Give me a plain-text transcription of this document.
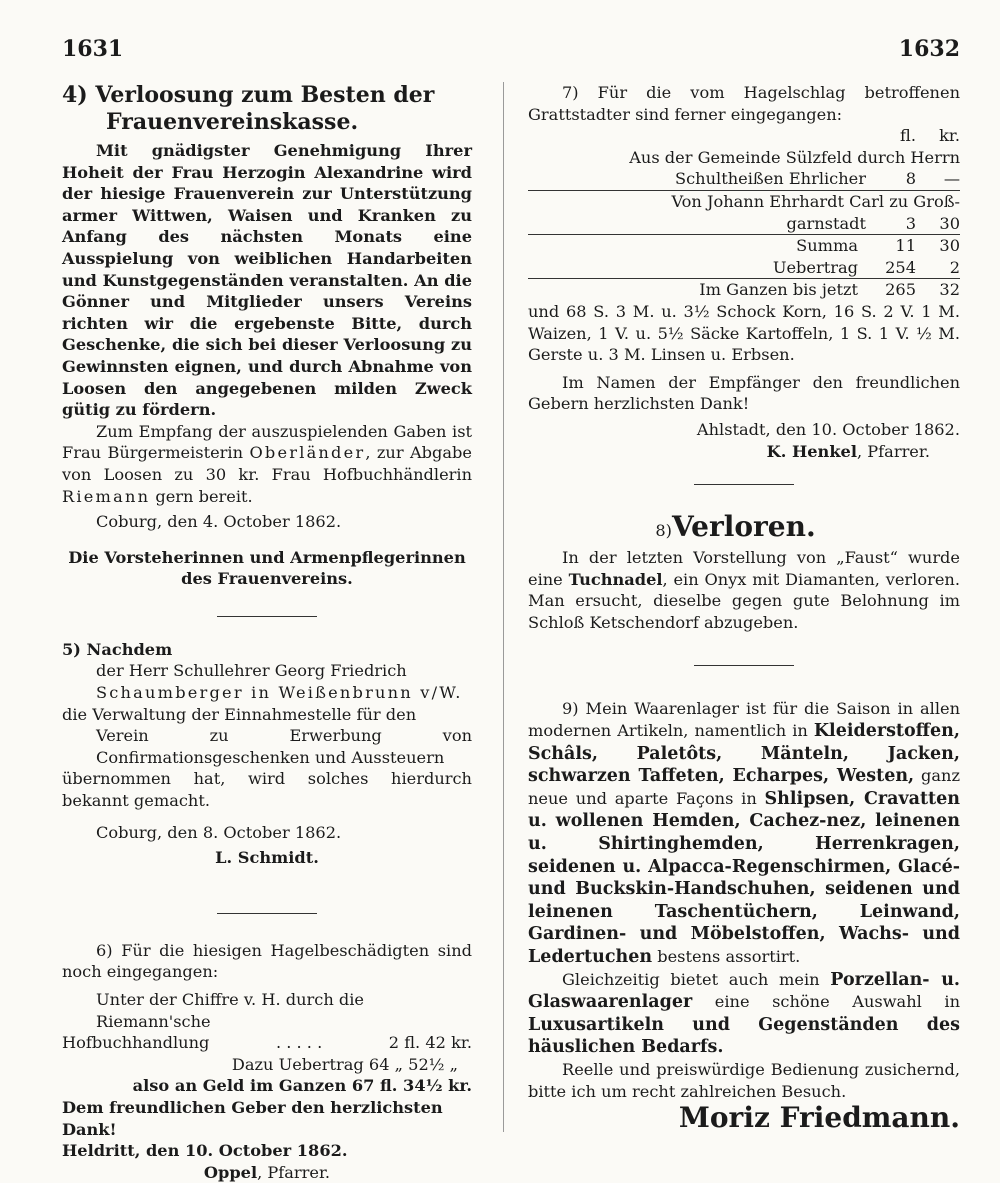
1631	1632
4) Verloosung zum Besten der
Frauenvereinskasse.

Mit gnädigster Genehmigung Ihrer Hoheit der Frau Herzogin Alexandrine wird der hiesige Frauenverein zur Unterstützung armer Wittwen, Waisen und Kranken zu Anfang des nächsten Monats eine Ausspielung von weiblichen Handarbeiten und Kunstgegenständen veranstalten. An die Gönner und Mitglieder unsers Vereins richten wir die ergebenste Bitte, durch Geschenke, die sich bei dieser Verloosung zu Gewinnsten eignen, und durch Abnahme von Loosen den angegebenen milden Zweck gütig zu fördern.

Zum Empfang der auszuspielenden Gaben ist Frau Bürgermeisterin Oberländer, zur Abgabe von Loosen zu 30 kr. Frau Hofbuchhändlerin Riemann gern bereit.

Coburg, den 4. October 1862.
Die Vorsteherinnen und Armenpflegerinnen
des Frauenvereins.
5) Nachdem
der Herr Schullehrer Georg Friedrich
Schaumberger in Weißenbrunn v/W.
die Verwaltung der Einnahmestelle für den

Verein zu Erwerbung von Confirmationsgeschenken und Aussteuern

übernommen hat, wird solches hierdurch bekannt gemacht.

Coburg, den 8. October 1862.
L. Schmidt.

6) Für die hiesigen Hagelbeschädigten sind noch eingegangen:

Unter der Chiffre v. H. durch die Riemann'sche
Hofbuchhandlung	. . . . .	2 fl. 42 kr.
Dazu Uebertrag 64 „ 52½ „
also an Geld im Ganzen 67 fl. 34½ kr.
Dem freundlichen Geber den herzlichsten Dank!
Heldritt, den 10. October 1862.
Oppel, Pfarrer.

7) Für die vom Hagelschlag betroffenen Grattstadter sind ferner eingegangen:

	fl.	kr.
Aus der Gemeinde Sülzfeld durch Herrn		
Schultheißen Ehrlicher	8	—
Von Johann Ehrhardt Carl zu Groß-		
garnstadt	3	30
Summa	11	30
Uebertrag	254	2
Im Ganzen bis jetzt	265	32

und 68 S. 3 M. u. 3½ Schock Korn, 16 S. 2 V. 1 M. Waizen, 1 V. u. 5½ Säcke Kartoffeln, 1 S. 1 V. ½ M. Gerste u. 3 M. Linsen u. Erbsen.

Im Namen der Empfänger den freundlichen Gebern herzlichsten Dank!

Ahlstadt, den 10. October 1862.
K. Henkel, Pfarrer.
8) Verloren.

In der letzten Vorstellung von „Faust“ wurde eine Tuchnadel, ein Onyx mit Diamanten, verloren. Man ersucht, dieselbe gegen gute Belohnung im Schloß Ketschendorf abzugeben.

9) Mein Waarenlager ist für die Saison in allen modernen Artikeln, namentlich in Kleiderstoffen, Schâls, Paletôts, Mänteln, Jacken, schwarzen Taffeten, Echarpes, Westen, ganz neue und aparte Façons in Shlipsen, Cravatten u. wollenen Hemden, Cachez-nez, leinenen u. Shirtinghemden, Herrenkragen, seidenen u. Alpacca-Regenschirmen, Glacé- und Buckskin-Handschuhen, seidenen und leinenen Taschentüchern, Leinwand, Gardinen- und Möbelstoffen, Wachs- und Ledertuchen bestens assortirt.

Gleichzeitig bietet auch mein Porzellan- u. Glaswaarenlager eine schöne Auswahl in Luxusartikeln und Gegenständen des häuslichen Bedarfs.

Reelle und preiswürdige Bedienung zusichernd, bitte ich um recht zahlreichen Besuch.

Moriz Friedmann.
